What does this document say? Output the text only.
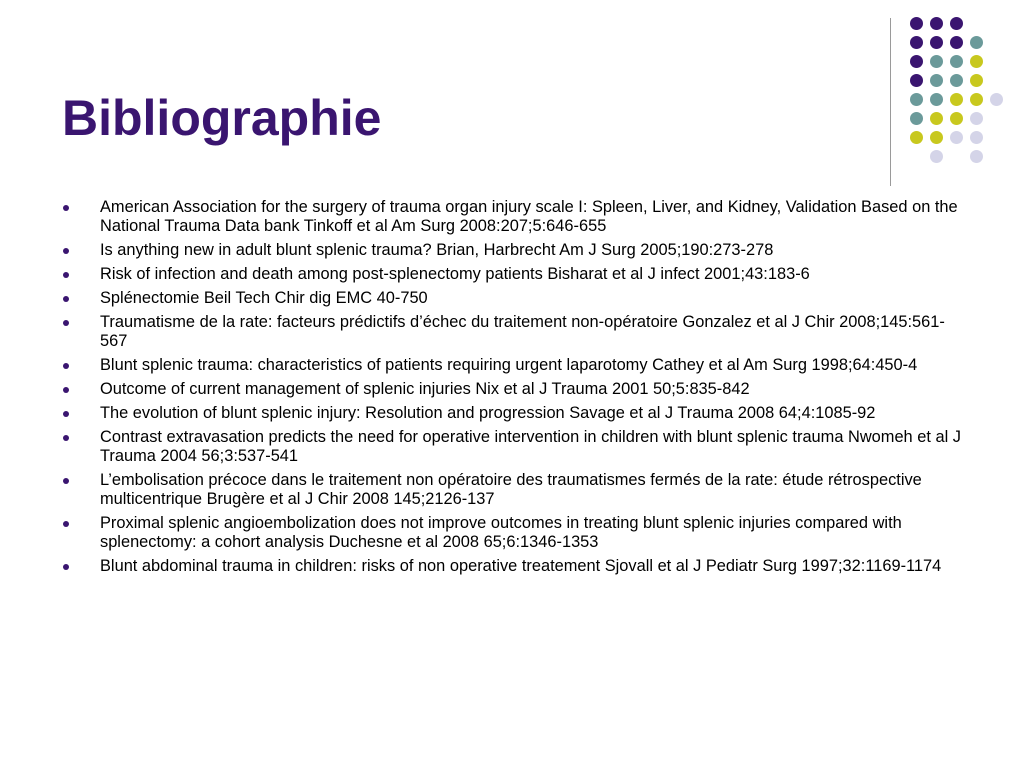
Bibliographie
American Association for the surgery of trauma organ injury scale I: Spleen, Liver, and Kidney, Validation Based on the National Trauma Data bank Tinkoff et al Am Surg 2008:207;5:646-655
Is anything new in adult blunt splenic trauma? Brian, Harbrecht Am J Surg 2005;190:273-278
Risk of infection and death among post-splenectomy patients Bisharat et al J infect 2001;43:183-6
Splénectomie Beil Tech Chir dig EMC 40-750
Traumatisme de la rate: facteurs prédictifs d’échec du traitement non-opératoire Gonzalez et al J Chir 2008;145:561-567
Blunt splenic trauma: characteristics of patients requiring urgent laparotomy Cathey et al Am Surg 1998;64:450-4
Outcome of current management of splenic injuries Nix et al J Trauma 2001 50;5:835-842
The evolution of blunt splenic injury: Resolution and progression Savage et al J Trauma 2008 64;4:1085-92
Contrast extravasation predicts the need for operative intervention in children with blunt splenic trauma Nwomeh et al J Trauma 2004 56;3:537-541
L’embolisation précoce dans le traitement non opératoire des traumatismes fermés de la rate: étude rétrospective multicentrique Brugère et al J Chir 2008 145;2126-137
Proximal splenic angioembolization does not improve outcomes in treating blunt splenic injuries compared with splenectomy: a cohort analysis Duchesne et al 2008 65;6:1346-1353
Blunt abdominal trauma in children: risks of non operative treatement Sjovall et al J Pediatr Surg 1997;32:1169-1174
